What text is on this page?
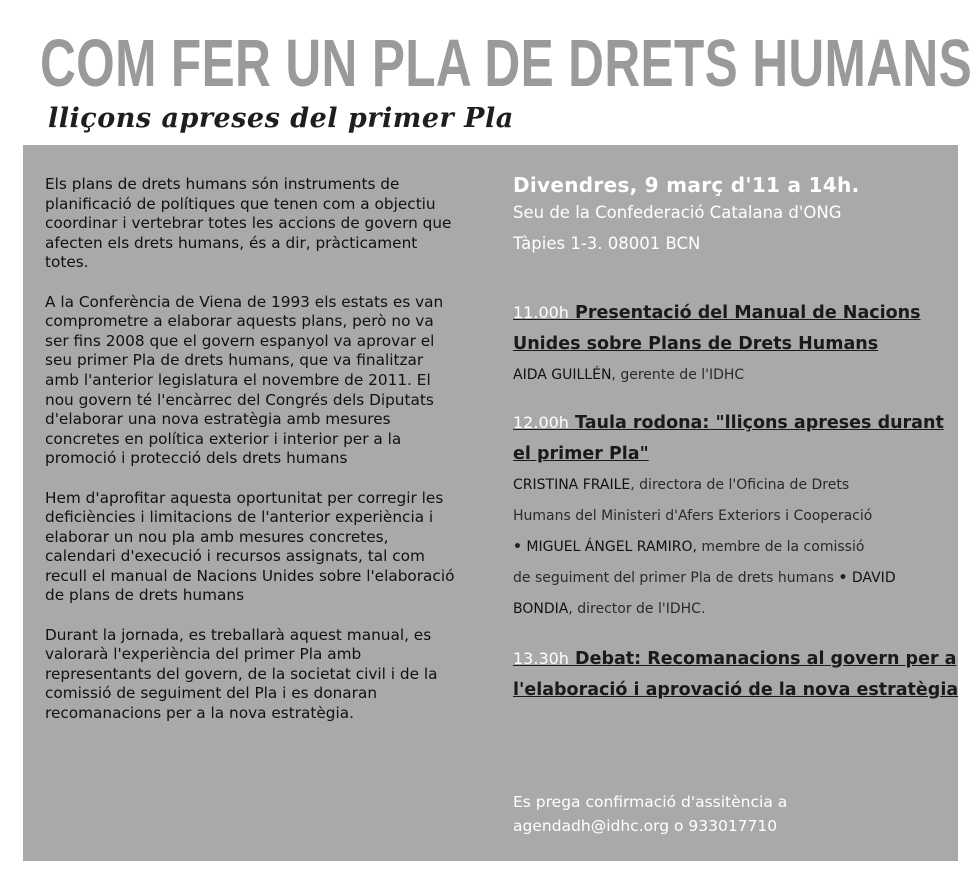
COM FER UN PLA DE DRETS HUMANS
lliçons apreses del primer Pla

Els plans de drets humans són instruments de planificació de polítiques que tenen com a objectiu coordinar i vertebrar totes les accions de govern que afecten els drets humans, és a dir, pràcticament totes.

A la Conferència de Viena de 1993 els estats es van comprometre a elaborar aquests plans, però no va ser fins 2008 que el govern espanyol va aprovar el seu primer Pla de drets humans, que va finalitzar amb l'anterior legislatura el novembre de 2011. El nou govern té l'encàrrec del Congrés dels Diputats d'elaborar una nova estratègia amb mesures concretes en política exterior i interior per a la promoció i protecció dels drets humans

Hem d'aprofitar aquesta oportunitat per corregir les deficiències i limitacions de l'anterior experiència i elaborar un nou pla amb mesures concretes, calendari d'execució i recursos assignats, tal com recull el manual de Nacions Unides sobre l'elaboració de plans de drets humans

Durant la jornada, es treballarà aquest manual, es valorarà l'experiència del primer Pla amb representants del govern, de la societat civil i de la comissió de seguiment del Pla i es donaran recomanacions per a la nova estratègia.

Divendres, 9 març d'11 a 14h.

Seu de la Confederació Catalana d'ONG

Tàpies 1-3. 08001 BCN

11.00h Presentació del Manual de Nacions

Unides sobre Plans de Drets Humans

AIDA GUILLÉN, gerente de l'IDHC

12.00h Taula rodona: "lliçons apreses durant

el primer Pla"

CRISTINA FRAILE, directora de l'Oficina de Drets

Humans del Ministeri d'Afers Exteriors i Cooperació

• MIGUEL ÁNGEL RAMIRO, membre de la comissió

de seguiment del primer Pla de drets humans • DAVID

BONDIA, director de l'IDHC.

13.30h Debat: Recomanacions al govern per a

l'elaboració i aprovació de la nova estratègia

Es prega confirmació d'assitència a
agendadh@idhc.org o 933017710
